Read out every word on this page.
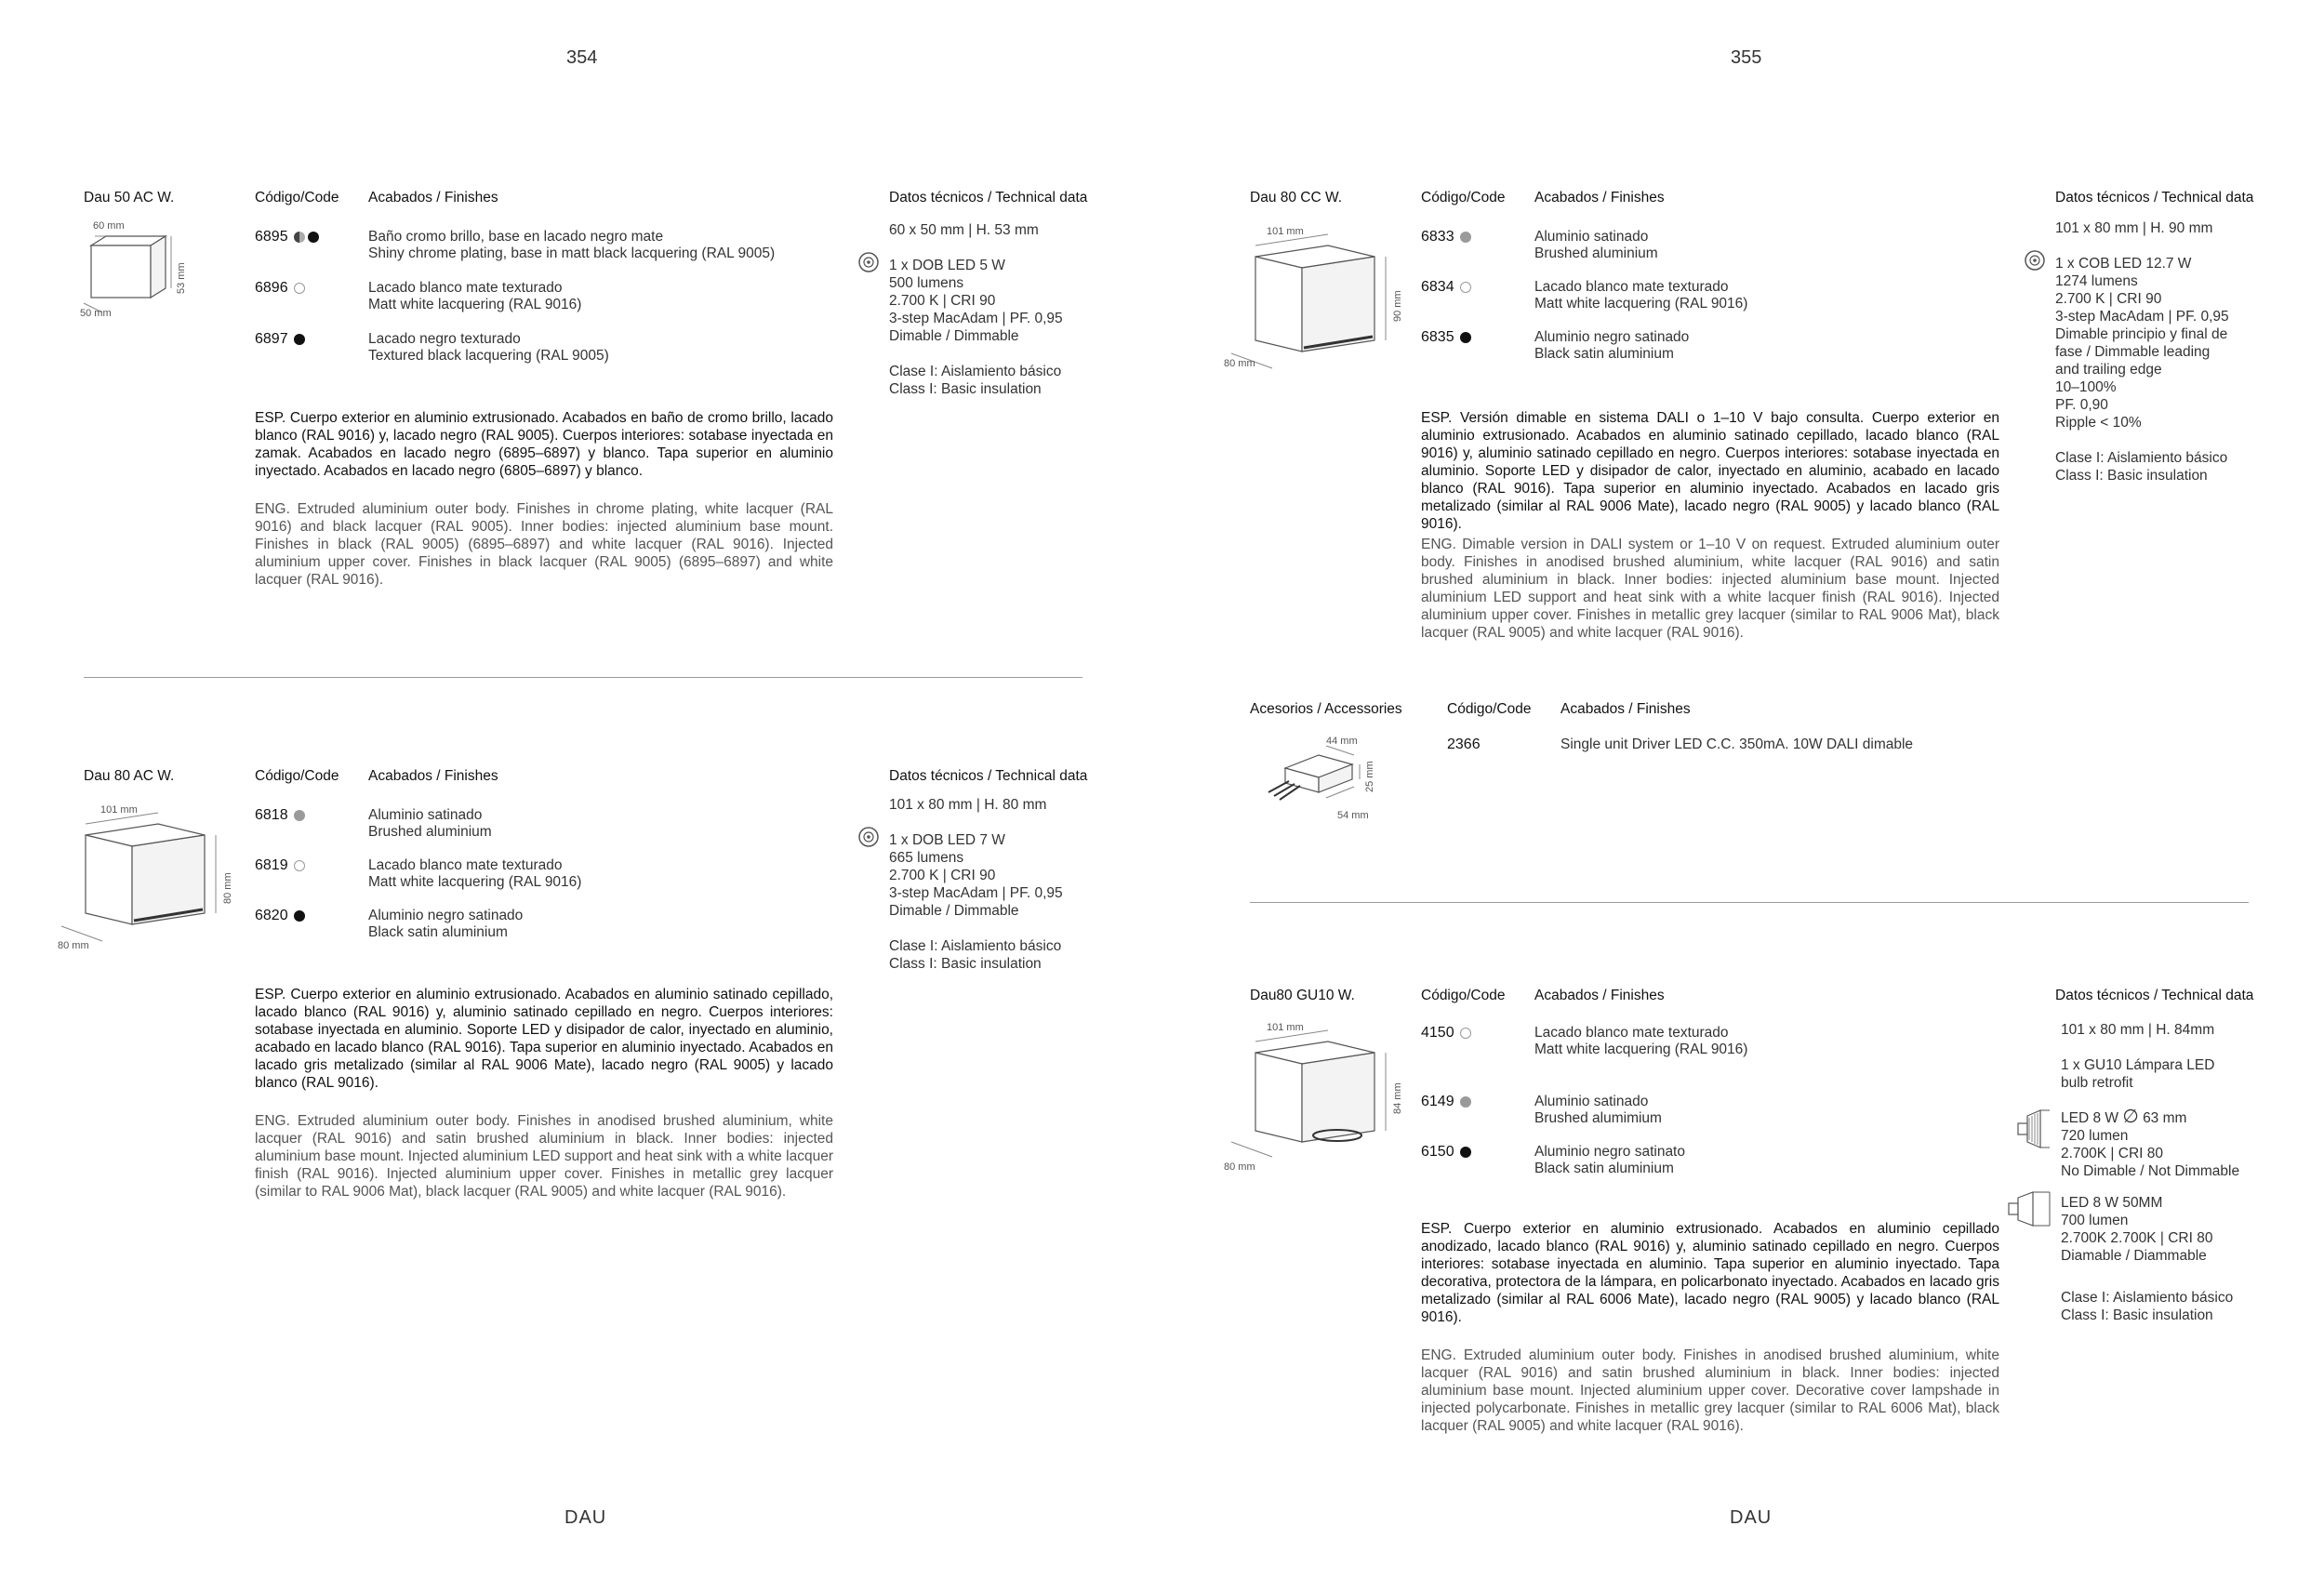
354	355
DAU	DAU
Dau 50 AC W.	Código/Code Acabados / Finishes	Datos técnicos / Technical data
60 mm
50 mm
53 mm
6895	Baño cromo brillo, base en lacado negro mate
Shiny chrome plating, base in matt black lacquering (RAL 9005)
6896	Lacado blanco mate texturado
Matt white lacquering (RAL 9016)
6897	Lacado negro texturado
Textured black lacquering (RAL 9005)
60 x 50 mm | H. 53 mm
1 x DOB LED 5 W
500 lumens
2.700 K | CRI 90
3-step MacAdam | PF. 0,95
Dimable / Dimmable
Clase I: Aislamiento básico
Class I: Basic insulation
ESP. Cuerpo exterior en aluminio extrusionado. Acabados en baño de cromo brillo, lacado blanco (RAL 9016) y, lacado negro (RAL 9005). Cuerpos interiores: sotabase inyectada en zamak. Acabados en lacado negro (6895–6897) y blanco. Tapa superior en aluminio inyectado. Acabados en lacado negro (6805–6897) y blanco.
ENG. Extruded aluminium outer body. Finishes in chrome plating, white lacquer (RAL 9016) and black lacquer (RAL 9005). Inner bodies: injected aluminium base mount. Finishes in black (RAL 9005) (6895–6897) and white lacquer (RAL 9016). Injected aluminium upper cover. Finishes in black lacquer (RAL 9005) (6895–6897) and white lacquer (RAL 9016).
Dau 80 AC W.	Código/Code Acabados / Finishes	Datos técnicos / Technical data
101 mm
80 mm
80 mm
6818	Aluminio satinado
Brushed aluminium
6819	Lacado blanco mate texturado
Matt white lacquering (RAL 9016)
6820	Aluminio negro satinado
Black satin aluminium
101 x 80 mm | H. 80 mm
1 x DOB LED 7 W
665 lumens
2.700 K | CRI 90
3-step MacAdam | PF. 0,95
Dimable / Dimmable
Clase I: Aislamiento básico
Class I: Basic insulation
ESP. Cuerpo exterior en aluminio extrusionado. Acabados en aluminio satinado cepillado, lacado blanco (RAL 9016) y, aluminio satinado cepillado en negro. Cuerpos interiores: sotabase inyectada en aluminio. Soporte LED y disipador de calor, inyectado en aluminio, acabado en lacado blanco (RAL 9016). Tapa superior en aluminio inyectado. Acabados en lacado gris metalizado (similar al RAL 9006 Mate), lacado negro (RAL 9005) y lacado blanco (RAL 9016).
ENG. Extruded aluminium outer body. Finishes in anodised brushed aluminium, white lacquer (RAL 9016) and satin brushed aluminium in black. Inner bodies: injected aluminium base mount. Injected aluminium LED support and heat sink with a white lacquer finish (RAL 9016). Injected aluminium upper cover. Finishes in metallic grey lacquer (similar to RAL 9006 Mat), black lacquer (RAL 9005) and white lacquer (RAL 9016).
Dau 80 CC W.	Código/Code Acabados / Finishes	Datos técnicos / Technical data
101 mm
80 mm
90 mm
6833	Aluminio satinado
Brushed aluminium
6834	Lacado blanco mate texturado
Matt white lacquering (RAL 9016)
6835	Aluminio negro satinado
Black satin aluminium
101 x 80 mm | H. 90 mm
1 x COB LED 12.7 W
1274 lumens
2.700 K | CRI 90
3-step MacAdam | PF. 0,95
Dimable principio y final de
fase / Dimmable leading
and trailing edge
10–100%
PF. 0,90
Ripple < 10%
Clase I: Aislamiento básico
Class I: Basic insulation
ESP. Versión dimable en sistema DALI o 1–10 V bajo consulta. Cuerpo exterior en aluminio extrusionado. Acabados en aluminio satinado cepillado, lacado blanco (RAL 9016) y, aluminio satinado cepillado en negro. Cuerpos interiores: sotabase inyectada en aluminio. Soporte LED y disipador de calor, inyectado en aluminio, acabado en lacado blanco (RAL 9016). Tapa superior en aluminio inyectado. Acabados en lacado gris metalizado (similar al RAL 9006 Mate), lacado negro (RAL 9005) y lacado blanco (RAL 9016).
ENG. Dimable version in DALI system or 1–10 V on request. Extruded aluminium outer body. Finishes in anodised brushed aluminium, white lacquer (RAL 9016) and satin brushed aluminium in black. Inner bodies: injected aluminium base mount. Injected aluminium LED support and heat sink with a white lacquer finish (RAL 9016). Injected aluminium upper cover. Finishes in metallic grey lacquer (similar to RAL 9006 Mat), black lacquer (RAL 9005) and white lacquer (RAL 9016).
Acesorios / Accessories	Código/Code Acabados / Finishes
44 mm
54 mm
25 mm
2366	Single unit Driver LED C.C. 350mA. 10W DALI dimable
Dau80 GU10 W.	Código/Code Acabados / Finishes	Datos técnicos / Technical data
101 mm
80 mm
84 mm
4150	Lacado blanco mate texturado
Matt white lacquering (RAL 9016)
6149	Aluminio satinado
Brushed alumimium
6150	Aluminio negro satinato
Black satin aluminium
101 x 80 mm | H. 84mm
1 x GU10 Lámpara LED
bulb retrofit
LED 8 W ∅ 63 mm
720 lumen
2.700K | CRI 80
No Dimable / Not Dimmable
LED 8 W 50MM
700 lumen
2.700K 2.700K | CRI 80
Diamable / Diammable
Clase I: Aislamiento básico
Class I: Basic insulation
ESP. Cuerpo exterior en aluminio extrusionado. Acabados en aluminio cepillado anodizado, lacado blanco (RAL 9016) y, aluminio satinado cepillado en negro. Cuerpos interiores: sotabase inyectada en aluminio. Tapa superior en aluminio inyectado. Tapa decorativa, protectora de la lámpara, en policarbonato inyectado. Acabados en lacado gris metalizado (similar al RAL 6006 Mate), lacado negro (RAL 9005) y lacado blanco (RAL 9016).
ENG. Extruded aluminium outer body. Finishes in anodised brushed aluminium, white lacquer (RAL 9016) and satin brushed aluminium in black. Inner bodies: injected aluminium base mount. Injected aluminium upper cover. Decorative cover lampshade in injected polycarbonate. Finishes in metallic grey lacquer (similar to RAL 6006 Mat), black lacquer (RAL 9005) and white lacquer (RAL 9016).
